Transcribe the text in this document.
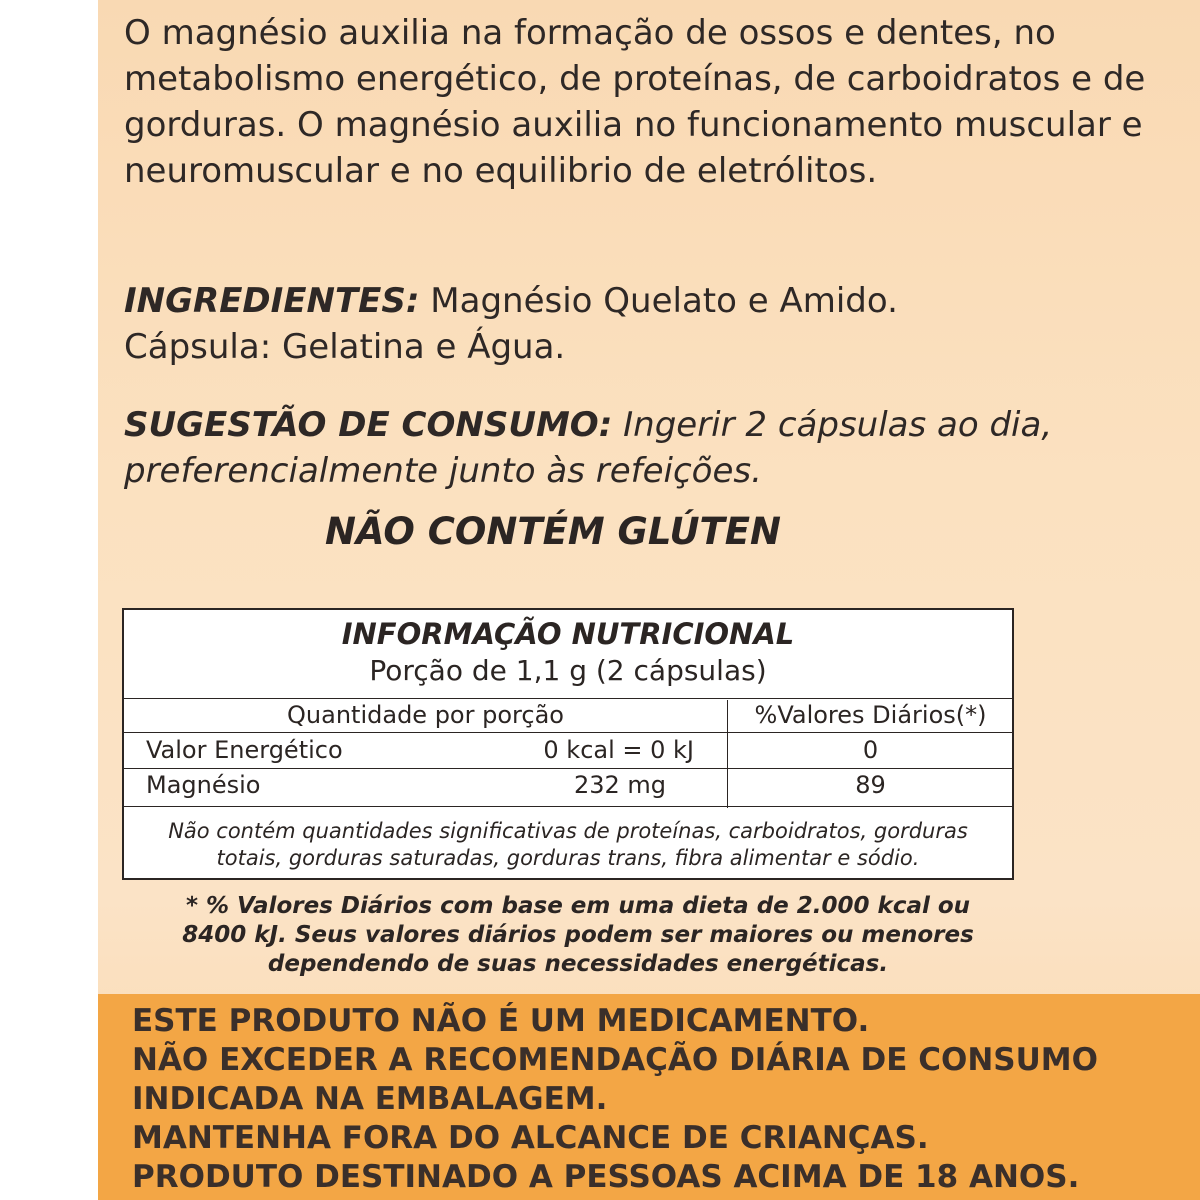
O magnésio auxilia na formação de ossos e dentes, no metabolismo energético, de proteínas, de carboidratos e de gorduras. O magnésio auxilia no funcionamento muscular e neuromuscular e no equilibrio de eletrólitos.
INGREDIENTES: Magnésio Quelato e Amido.
Cápsula: Gelatina e Água.
SUGESTÃO DE CONSUMO: Ingerir 2 cápsulas ao dia,
preferencialmente junto às refeições.
NÃO CONTÉM GLÚTEN
INFORMAÇÃO NUTRICIONAL
Porção de 1,1 g (2 cápsulas)
Quantidade por porção	%Valores Diários(*)
Valor Energético	0 kcal = 0 kJ	0
Magnésio	232 mg	89
Não contém quantidades significativas de proteínas, carboidratos, gorduras
totais, gorduras saturadas, gorduras trans, fibra alimentar e sódio.
* % Valores Diários com base em uma dieta de 2.000 kcal ou
8400 kJ. Seus valores diários podem ser maiores ou menores
dependendo de suas necessidades energéticas.
ESTE PRODUTO NÃO É UM MEDICAMENTO.
NÃO EXCEDER A RECOMENDAÇÃO DIÁRIA DE CONSUMO
INDICADA NA EMBALAGEM.
MANTENHA FORA DO ALCANCE DE CRIANÇAS.
PRODUTO DESTINADO A PESSOAS ACIMA DE 18 ANOS.
